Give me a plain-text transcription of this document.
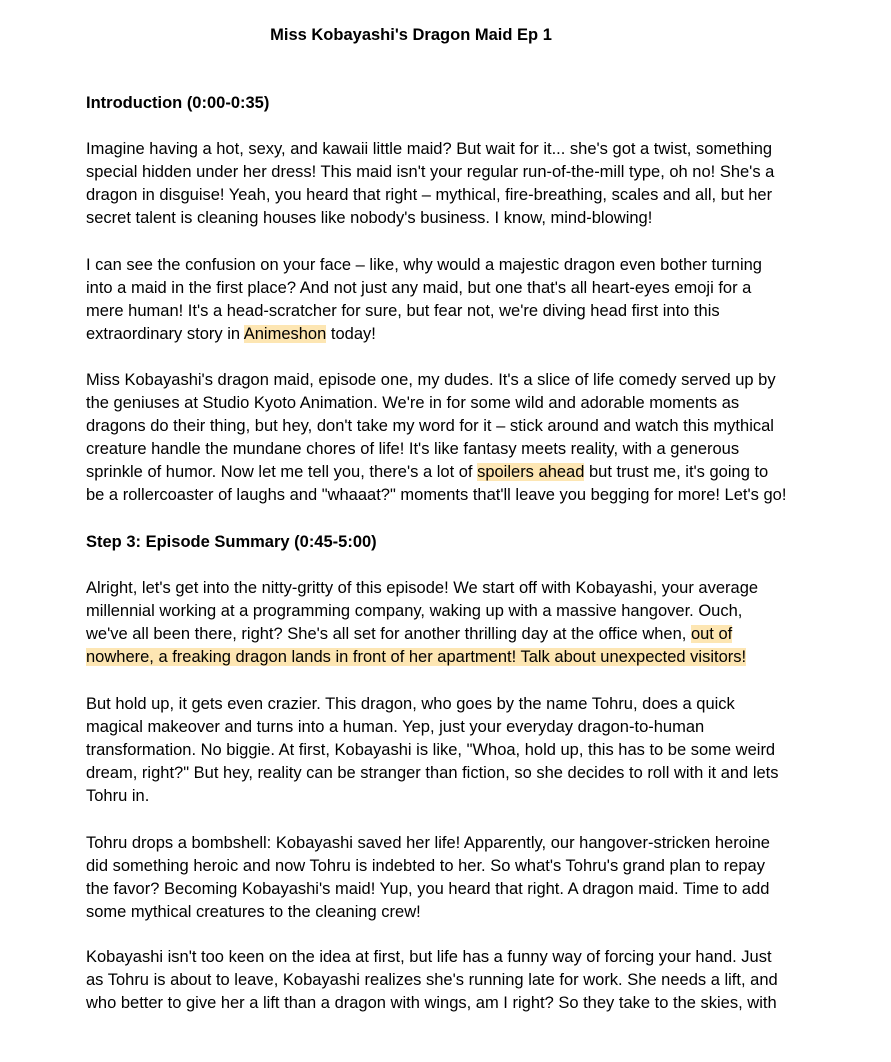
Miss Kobayashi's Dragon Maid Ep 1
Introduction (0:00-0:35)

Imagine having a hot, sexy, and kawaii little maid? But wait for it... she's got a twist, something
special hidden under her dress! This maid isn't your regular run-of-the-mill type, oh no! She's a
dragon in disguise! Yeah, you heard that right – mythical, fire-breathing, scales and all, but her
secret talent is cleaning houses like nobody's business. I know, mind-blowing!

I can see the confusion on your face – like, why would a majestic dragon even bother turning
into a maid in the first place? And not just any maid, but one that's all heart-eyes emoji for a
mere human! It's a head-scratcher for sure, but fear not, we're diving head first into this
extraordinary story in Animeshon today!

Miss Kobayashi's dragon maid, episode one, my dudes. It's a slice of life comedy served up by
the geniuses at Studio Kyoto Animation. We're in for some wild and adorable moments as
dragons do their thing, but hey, don't take my word for it – stick around and watch this mythical
creature handle the mundane chores of life! It's like fantasy meets reality, with a generous
sprinkle of humor. Now let me tell you, there's a lot of spoilers ahead but trust me, it's going to
be a rollercoaster of laughs and "whaaat?" moments that'll leave you begging for more! Let's go!

Step 3: Episode Summary (0:45-5:00)

Alright, let's get into the nitty-gritty of this episode! We start off with Kobayashi, your average
millennial working at a programming company, waking up with a massive hangover. Ouch,
we've all been there, right? She's all set for another thrilling day at the office when, out of
nowhere, a freaking dragon lands in front of her apartment! Talk about unexpected visitors!

But hold up, it gets even crazier. This dragon, who goes by the name Tohru, does a quick
magical makeover and turns into a human. Yep, just your everyday dragon-to-human
transformation. No biggie. At first, Kobayashi is like, "Whoa, hold up, this has to be some weird
dream, right?" But hey, reality can be stranger than fiction, so she decides to roll with it and lets
Tohru in.

Tohru drops a bombshell: Kobayashi saved her life! Apparently, our hangover-stricken heroine
did something heroic and now Tohru is indebted to her. So what's Tohru's grand plan to repay
the favor? Becoming Kobayashi's maid! Yup, you heard that right. A dragon maid. Time to add
some mythical creatures to the cleaning crew!

Kobayashi isn't too keen on the idea at first, but life has a funny way of forcing your hand. Just
as Tohru is about to leave, Kobayashi realizes she's running late for work. She needs a lift, and
who better to give her a lift than a dragon with wings, am I right? So they take to the skies, with
